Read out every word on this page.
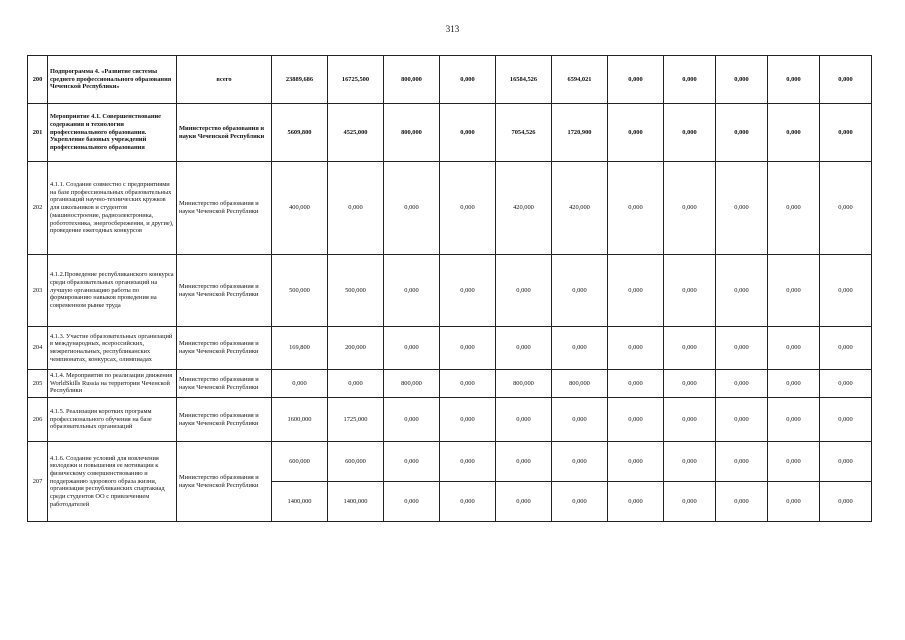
313
200	Подпрограмма 4. «Развитие системы среднего профессионального образования Чеченской Республики»	всего	23889,686	16725,500	800,000	0,000	16584,526	6594,021	0,000	0,000	0,000	0,000	0,000
201	Мероприятие 4.1. Совершенствование содержания и технологии профессионального образования. Укрепление базовых учреждений профессионального образования	Министерство образования и науки Чеченской Республики	5609,800	4525,000	800,000	0,000	7054,526	1720,900	0,000	0,000	0,000	0,000	0,000
202	4.1.1. Создание совместно с предприятиями на базе профессиональных образовательных организаций научно-технических кружков для школьников и студентов (машиностроение, радиоэлектроника, робототехника, энергосбережения, и другие), проведение ежегодных конкурсов	Министерство образования и науки Чеченской Республики	400,000	0,000	0,000	0,000	420,000	420,000	0,000	0,000	0,000	0,000	0,000
203	4.1.2.Проведение республиканского конкурса среди образовательных организаций на лучшую организацию работы по формированию навыков проведения на современном рынке труда	Министерство образования и науки Чеченской Республики	500,000	500,000	0,000	0,000	0,000	0,000	0,000	0,000	0,000	0,000	0,000
204	4.1.3. Участие образовательных организаций в международных, всероссийских, межрегиональных, республиканских чемпионатах, конкурсах, олимпиадах	Министерство образования и науки Чеченской Республики	169,800	200,000	0,000	0,000	0,000	0,000	0,000	0,000	0,000	0,000	0,000
205	4.1.4. Мероприятия по реализации движения WorldSkills Russia на территории Чеченской Республики	Министерство образования и науки Чеченской Республики	0,000	0,000	800,000	0,000	800,000	800,000	0,000	0,000	0,000	0,000	0,000
206	4.1.5. Реализация коротких программ профессионального обучения на базе образовательных организаций	Министерство образования и науки Чеченской Республики	1600,000	1725,000	0,000	0,000	0,000	0,000	0,000	0,000	0,000	0,000	0,000
207	4.1.6. Создание условий для вовлечения молодежи и повышения ее мотивации к физическому совершенствованию и поддержанию здорового образа жизни, организация республиканских спартакиад среди студентов ОО с привлечением работодателей	Министерство образования и науки Чеченской Республики	600,000	600,000	0,000	0,000	0,000	0,000	0,000	0,000	0,000	0,000	0,000
			1400,000	1400,000	0,000	0,000	0,000	0,000	0,000	0,000	0,000	0,000	0,000
